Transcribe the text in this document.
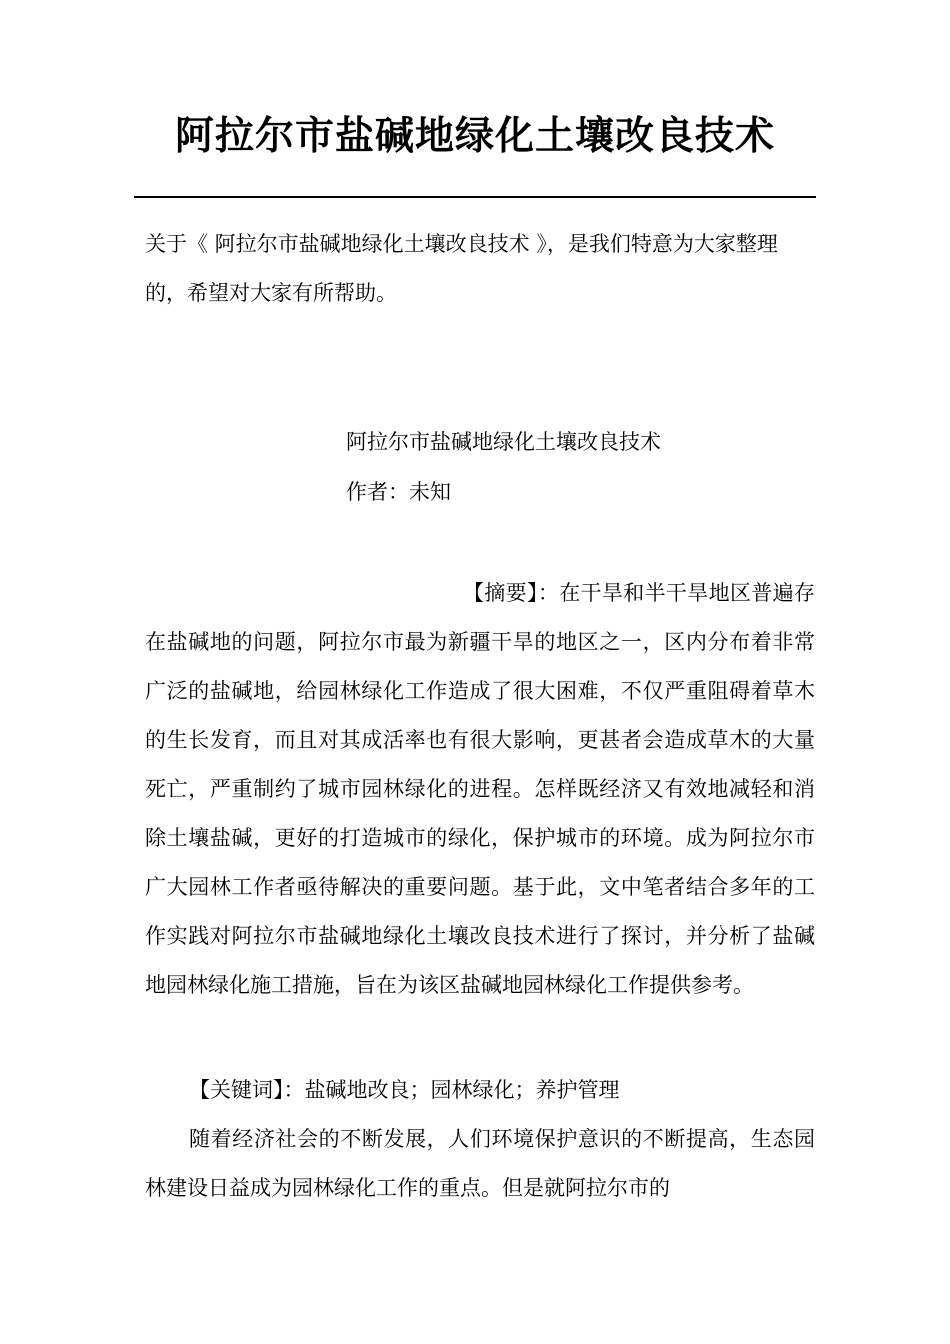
阿拉尔市盐碱地绿化土壤改良技术

关于《 阿拉尔市盐碱地绿化土壤改良技术 》，是我们特意为大家整理的，希望对大家有所帮助。

阿拉尔市盐碱地绿化土壤改良技术

作者：未知

【摘要】：在干旱和半干旱地区普遍存在盐碱地的问题，阿拉尔市最为新疆干旱的地区之一，区内分布着非常广泛的盐碱地，给园林绿化工作造成了很大困难，不仅严重阻碍着草木的生长发育，而且对其成活率也有很大影响，更甚者会造成草木的大量死亡，严重制约了城市园林绿化的进程。怎样既经济又有效地减轻和消除土壤盐碱，更好的打造城市的绿化，保护城市的环境。成为阿拉尔市广大园林工作者亟待解决的重要问题。基于此，文中笔者结合多年的工作实践对阿拉尔市盐碱地绿化土壤改良技术进行了探讨，并分析了盐碱地园林绿化施工措施，旨在为该区盐碱地园林绿化工作提供参考。

【关键词】：盐碱地改良；园林绿化；养护管理

随着经济社会的不断发展，人们环境保护意识的不断提高，生态园林建设日益成为园林绿化工作的重点。但是就阿拉尔市的
